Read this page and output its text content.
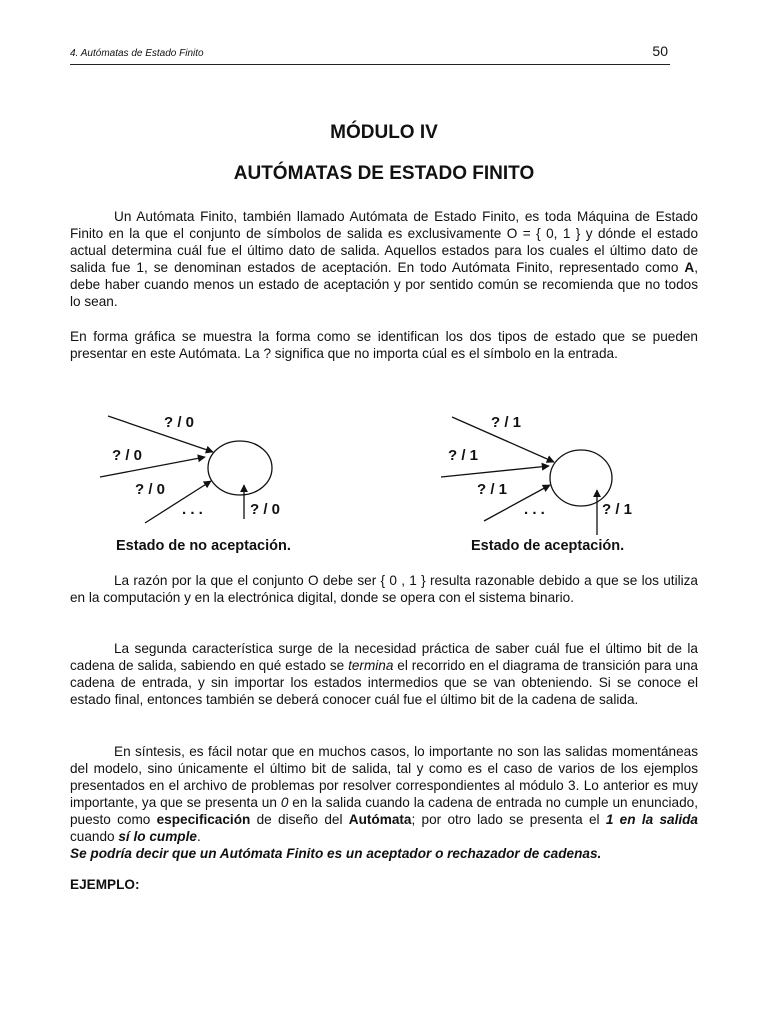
4. Autómatas de Estado Finito	50
MÓDULO IV
AUTÓMATAS DE ESTADO FINITO
Un Autómata Finito, también llamado Autómata de Estado Finito, es toda Máquina de Estado Finito en la que el conjunto de símbolos de salida es exclusivamente O = { 0, 1 } y dónde el estado actual determina cuál fue el último dato de salida. Aquellos estados para los cuales el último dato de salida fue 1, se denominan estados de aceptación. En todo Autómata Finito, representado como A, debe haber cuando menos un estado de aceptación y por sentido común se recomienda que no todos lo sean.
En forma gráfica se muestra la forma como se identifican los dos tipos de estado que se pueden presentar en este Autómata. La ? significa que no importa cúal es el símbolo en la entrada.
? / 0
? / 0
? / 0
. . .	? / 0
? / 1
? / 1
? / 1
. . .	? / 1
Estado de no aceptación.	Estado de aceptación.
La razón por la que el conjunto O debe ser { 0 , 1 } resulta razonable debido a que se los utiliza en la computación y en la electrónica digital, donde se opera con el sistema binario.
La segunda característica surge de la necesidad práctica de saber cuál fue el último bit de la cadena de salida, sabiendo en qué estado se termina el recorrido en el diagrama de transición para una cadena de entrada, y sin importar los estados intermedios que se van obteniendo. Si se conoce el estado final, entonces también se deberá conocer cuál fue el último bit de la cadena de salida.
En síntesis, es fácil notar que en muchos casos, lo importante no son las salidas momentáneas del modelo, sino únicamente el último bit de salida, tal y como es el caso de varios de los ejemplos presentados en el archivo de problemas por resolver correspondientes al módulo 3. Lo anterior es muy importante, ya que se presenta un 0 en la salida cuando la cadena de entrada no cumple un enunciado, puesto como especificación de diseño del Autómata; por otro lado se presenta el 1 en la salida cuando sí lo cumple.
Se podría decir que un Autómata Finito es un aceptador o rechazador de cadenas.
EJEMPLO:
